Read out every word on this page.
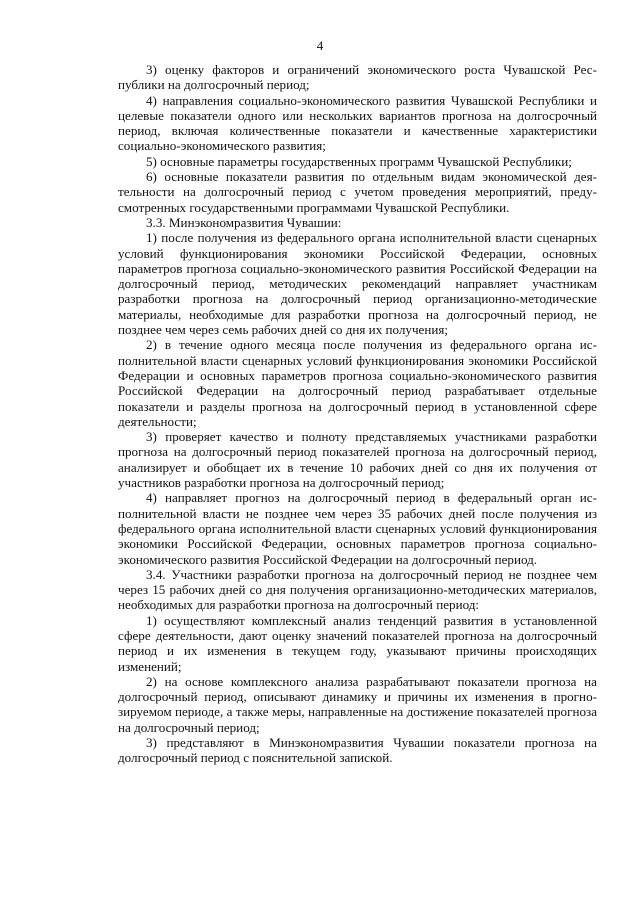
4

3) оценку факторов и ограничений экономического роста Чувашской Республики на долгосрочный период;

4) направления социально-экономического развития Чувашской Республики и целевые показатели одного или нескольких вариантов прогноза на долгосрочный период, включая количественные показатели и качественные характеристики социально-экономического развития;

5) основные параметры государственных программ Чувашской Республики;

6) основные показатели развития по отдельным видам экономической деятельности на долгосрочный период с учетом проведения мероприятий, предусмотренных государственными программами Чувашской Республики.

3.3. Минэкономразвития Чувашии:

1) после получения из федерального органа исполнительной власти сценарных условий функционирования экономики Российской Федерации, основных параметров прогноза социально-экономического развития Российской Федерации на долгосрочный период, методических рекомендаций направляет участникам разработки прогноза на долгосрочный период организационно-методические материалы, необходимые для разработки прогноза на долгосрочный период, не позднее чем через семь рабочих дней со дня их получения;

2) в течение одного месяца после получения из федерального органа исполнительной власти сценарных условий функционирования экономики Российской Федерации и основных параметров прогноза социально-экономического развития Российской Федерации на долгосрочный период разрабатывает отдельные показатели и разделы прогноза на долгосрочный период в установленной сфере деятельности;

3) проверяет качество и полноту представляемых участниками разработки прогноза на долгосрочный период показателей прогноза на долгосрочный период, анализирует и обобщает их в течение 10 рабочих дней со дня их получения от участников разработки прогноза на долгосрочный период;

4) направляет прогноз на долгосрочный период в федеральный орган исполнительной власти не позднее чем через 35 рабочих дней после получения из федерального органа исполнительной власти сценарных условий функционирования экономики Российской Федерации, основных параметров прогноза социально-экономического развития Российской Федерации на долгосрочный период.

3.4. Участники разработки прогноза на долгосрочный период не позднее чем через 15 рабочих дней со дня получения организационно-методических материалов, необходимых для разработки прогноза на долгосрочный период:

1) осуществляют комплексный анализ тенденций развития в установленной сфере деятельности, дают оценку значений показателей прогноза на долгосрочный период и их изменения в текущем году, указывают причины происходящих изменений;

2) на основе комплексного анализа разрабатывают показатели прогноза на долгосрочный период, описывают динамику и причины их изменения в прогнозируемом периоде, а также меры, направленные на достижение показателей прогноза на долгосрочный период;

3) представляют в Минэкономразвития Чувашии показатели прогноза на долгосрочный период с пояснительной запиской.
